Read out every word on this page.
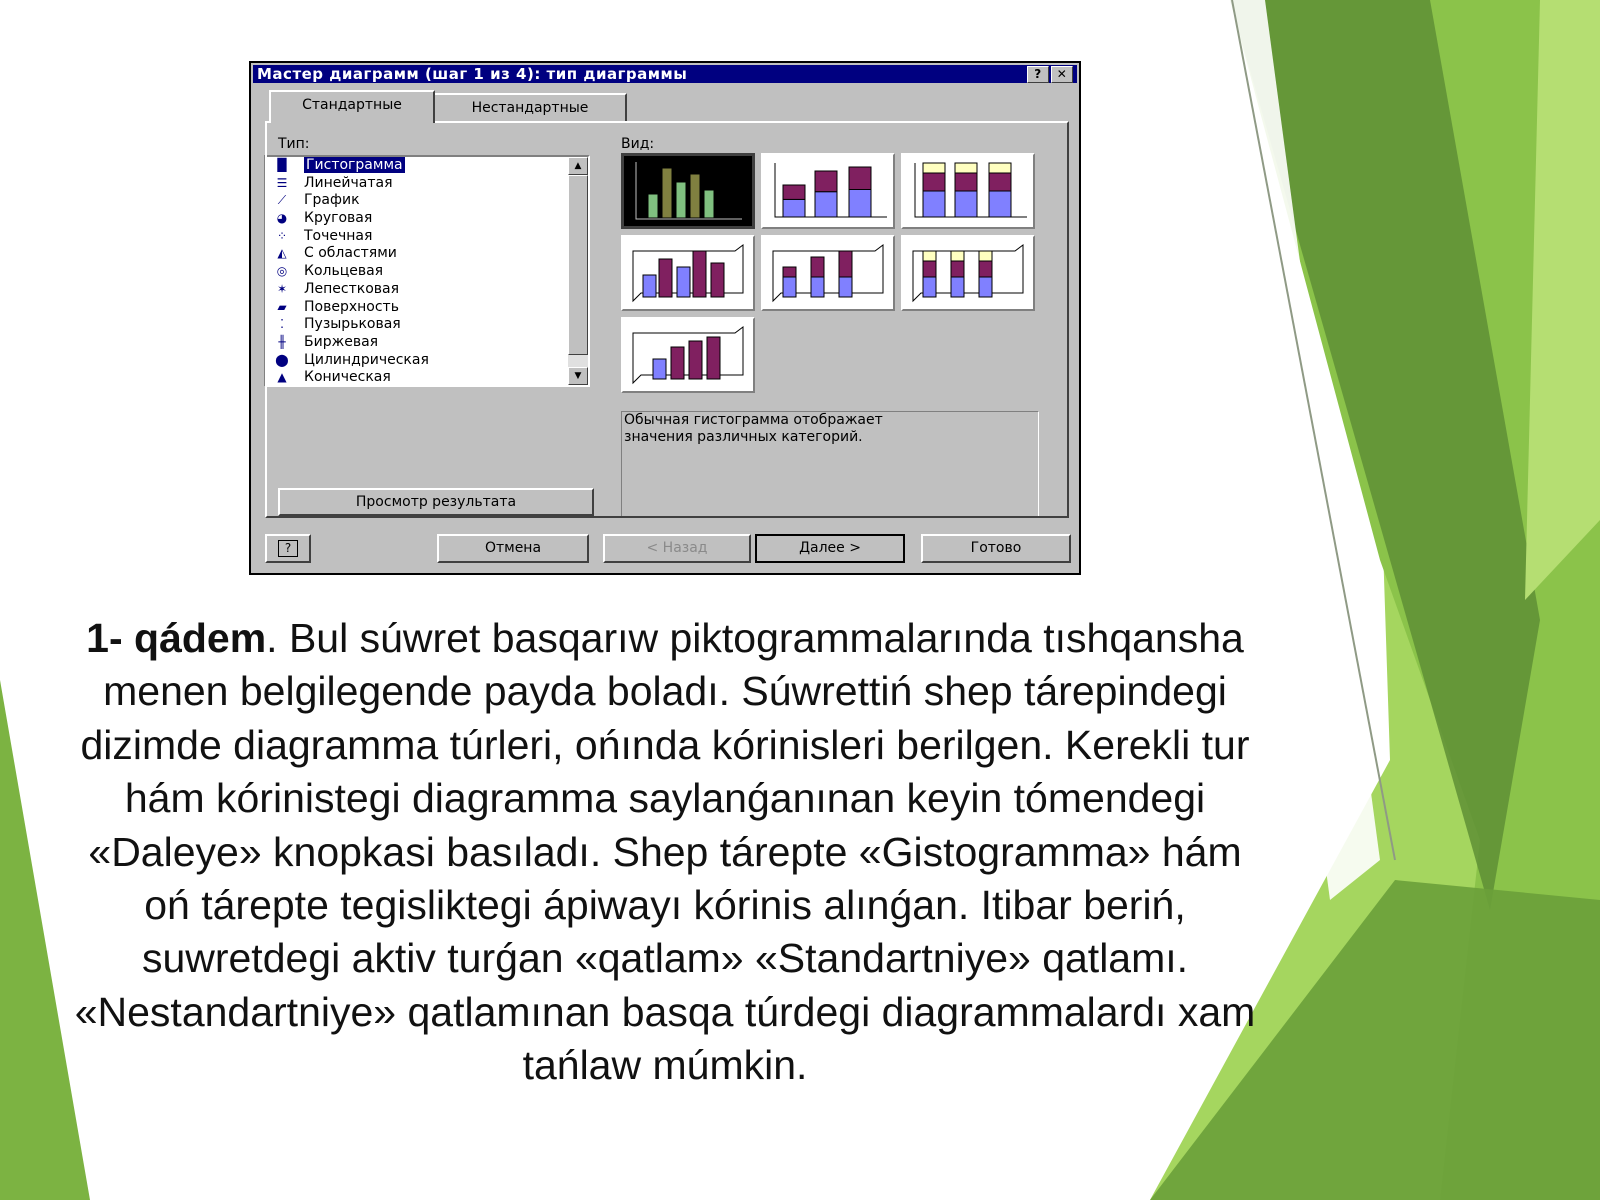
Мастер диаграмм (шаг 1 из 4): тип диаграммы	?	✕
Стандартные	Нестандартные
Тип:	Вид:
▐▌ Гистограмма
☰	Линейчатая
⟋	График
◕	Круговая
⁘	Точечная
◭	С областями
◎	Кольцевая
✶	Лепестковая
▰	Поверхность
⁚	Пузырьковая
╫	Биржевая
⬤	Цилиндрическая
▲	Коническая
▲
▼
Обычная гистограмма отображает
значения различных категорий.
Просмотр результата
?	Отмена	< Назад	Далее >	Готово
1- qádem. Bul súwret basqarıw piktogrammalarında tıshqansha menen belgilegende payda boladı. Súwrettiń shep tárepindegi dizimde diagramma túrleri, ońında kórinisleri berilgen. Kerekli tur hám kóriniѕtegi diagramma saylanǵanınan keyin tómendegi «Daleye» knopkasi basıladı. Shep tárepte «Gistogramma» hám oń tárepte tegisliktegi ápiwayı kórinis alınǵan. Itibar beriń, suwretdegi aktiv turǵan «qatlam» «Standartniye» qatlamı. «Nestandartniye» qatlamınan basqa túrdegi diagrammalardı xam tańlaw múmkin.
